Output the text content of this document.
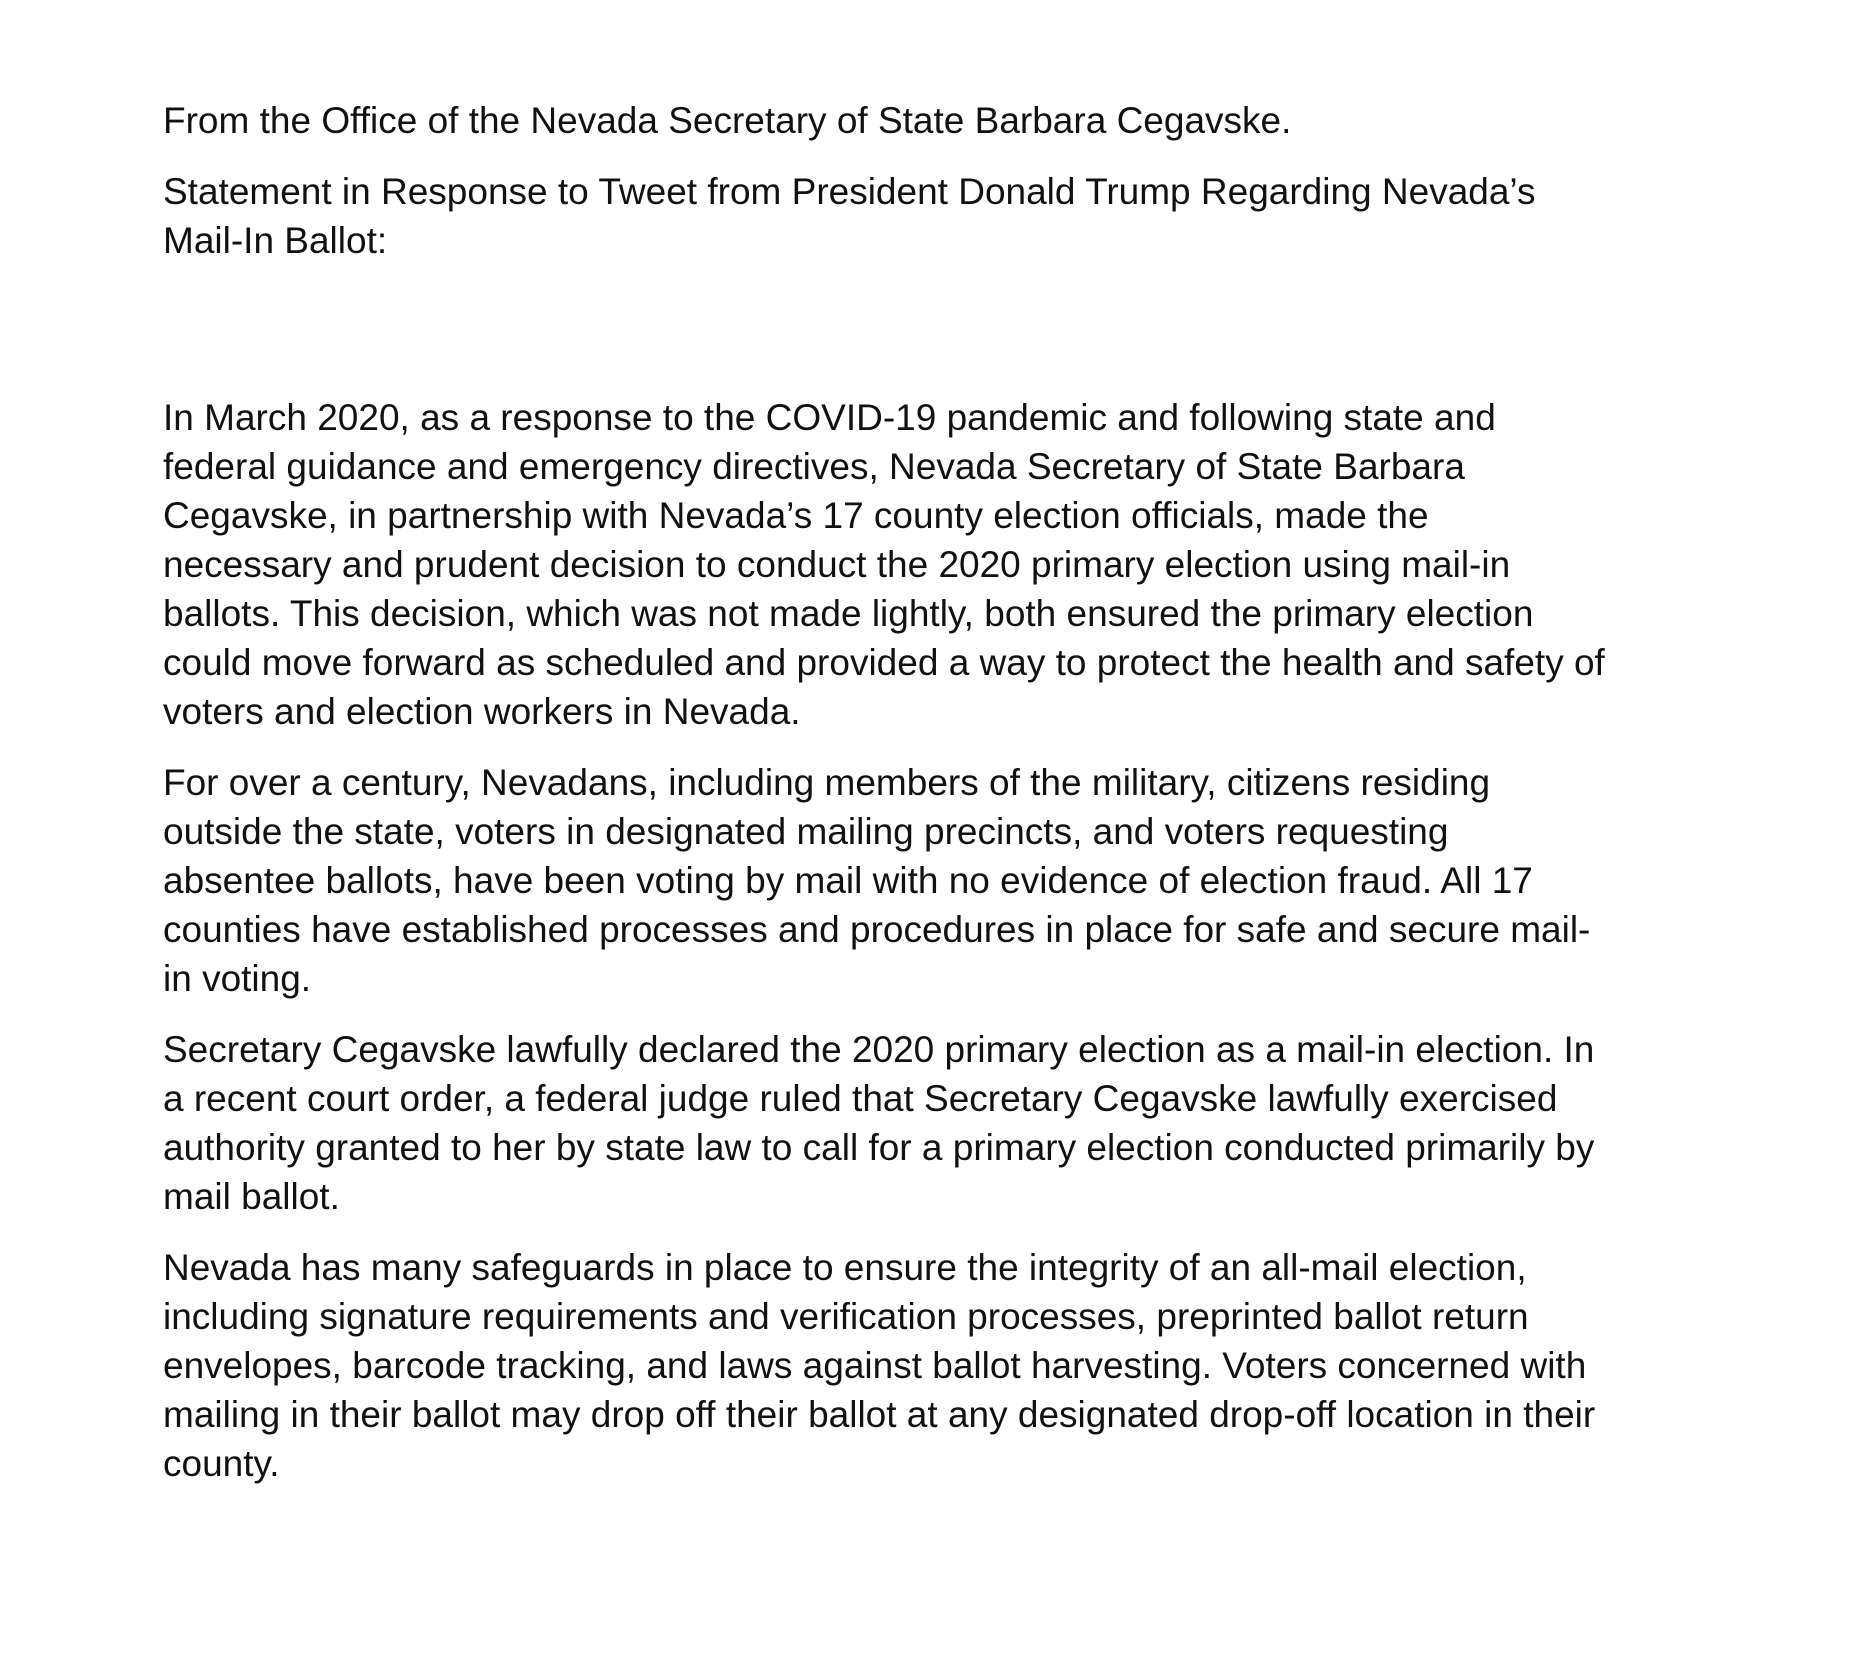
From the Office of the Nevada Secretary of State Barbara Cegavske.

Statement in Response to Tweet from President Donald Trump Regarding Nevada’s
Mail-In Ballot:

In March 2020, as a response to the COVID-19 pandemic and following state and
federal guidance and emergency directives, Nevada Secretary of State Barbara
Cegavske, in partnership with Nevada’s 17 county election officials, made the
necessary and prudent decision to conduct the 2020 primary election using mail-in
ballots. This decision, which was not made lightly, both ensured the primary election
could move forward as scheduled and provided a way to protect the health and safety of
voters and election workers in Nevada.

For over a century, Nevadans, including members of the military, citizens residing
outside the state, voters in designated mailing precincts, and voters requesting
absentee ballots, have been voting by mail with no evidence of election fraud. All 17
counties have established processes and procedures in place for safe and secure mail-
in voting.

Secretary Cegavske lawfully declared the 2020 primary election as a mail-in election. In
a recent court order, a federal judge ruled that Secretary Cegavske lawfully exercised
authority granted to her by state law to call for a primary election conducted primarily by
mail ballot.

Nevada has many safeguards in place to ensure the integrity of an all-mail election,
including signature requirements and verification processes, preprinted ballot return
envelopes, barcode tracking, and laws against ballot harvesting. Voters concerned with
mailing in their ballot may drop off their ballot at any designated drop-off location in their
county.
